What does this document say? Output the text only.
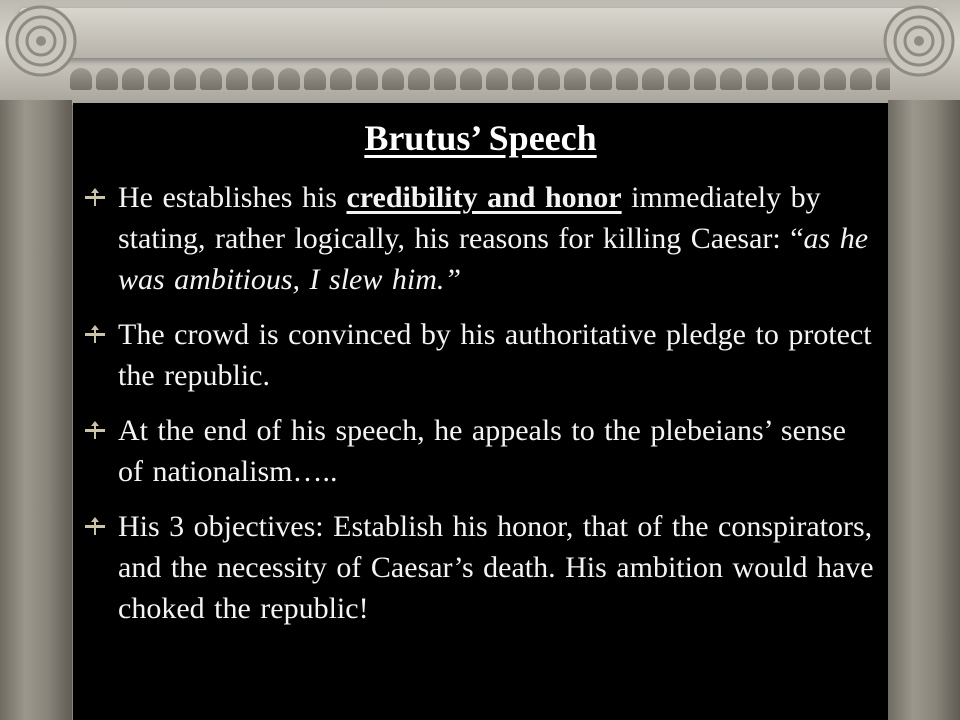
Brutus’ Speech
He establishes his credibility and honor immediately by stating, rather logically, his reasons for killing Caesar: “as he was ambitious, I slew him.”
The crowd is convinced by his authoritative pledge to protect the republic.
At the end of his speech, he appeals to the plebeians’ sense of nationalism…..
His 3 objectives: Establish his honor, that of the conspirators, and the necessity of Caesar’s death. His ambition would have choked the republic!
